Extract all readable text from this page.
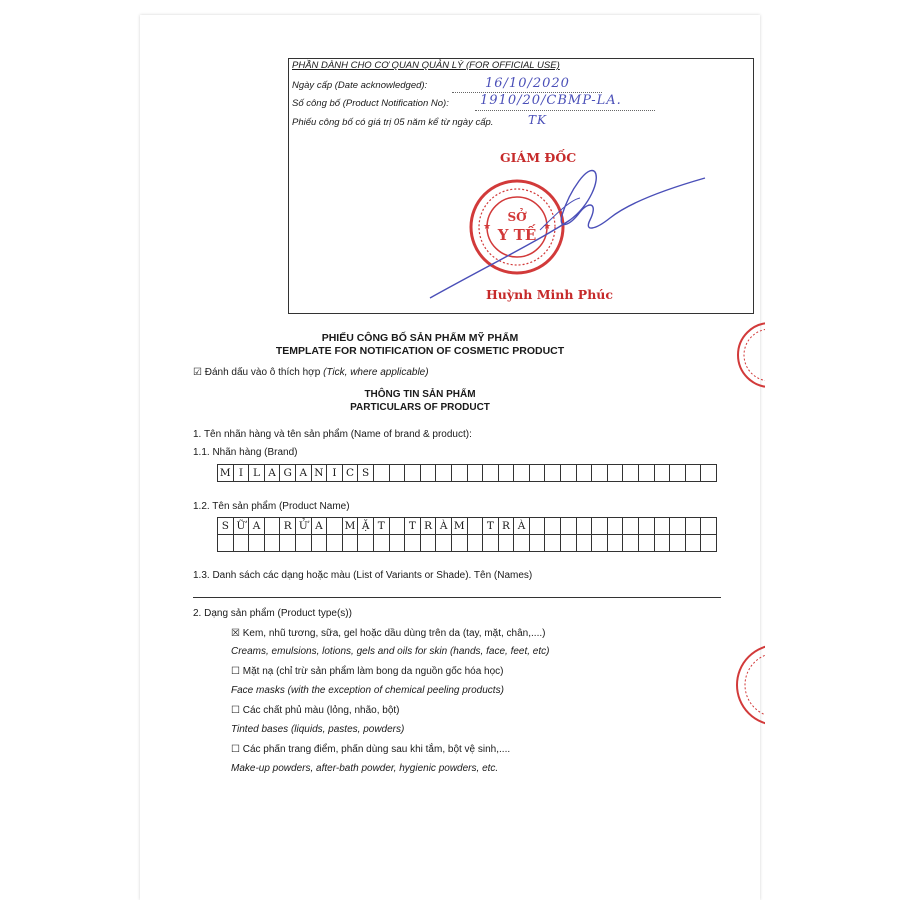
PHẦN DÀNH CHO CƠ QUAN QUẢN LÝ (FOR OFFICIAL USE)
Ngày cấp (Date acknowledged):	16/10/2020
Số công bố (Product Notification No): 1910/20/CBMP-LA.
Phiếu công bố có giá trị 05 năm kể từ ngày cấp.	TK
GIÁM ĐỐC
SỞ
Y TẾ
★	★
Huỳnh Minh Phúc
PHIẾU CÔNG BỐ SẢN PHẨM MỸ PHẨM
TEMPLATE FOR NOTIFICATION OF COSMETIC PRODUCT
☑ Đánh dấu vào ô thích hợp (Tick, where applicable)
THÔNG TIN SẢN PHẨM
PARTICULARS OF PRODUCT
1. Tên nhãn hàng và tên sản phẩm (Name of brand & product):
1.1. Nhãn hàng (Brand)
M I L A G A N I C S
1.2. Tên sản phẩm (Product Name)
S Ữ A	R Ử A	M Ặ T	T R À M	T R À
1.3. Danh sách các dạng hoặc màu (List of Variants or Shade). Tên (Names)
2. Dạng sản phẩm (Product type(s))
☒ Kem, nhũ tương, sữa, gel hoặc dầu dùng trên da (tay, mặt, chân,....)
Creams, emulsions, lotions, gels and oils for skin (hands, face, feet, etc)
☐ Mặt nạ (chỉ trừ sản phẩm làm bong da nguồn gốc hóa học)
Face masks (with the exception of chemical peeling products)
☐ Các chất phủ màu (lỏng, nhão, bột)
Tinted bases (liquids, pastes, powders)
☐ Các phấn trang điểm, phấn dùng sau khi tắm, bột vệ sinh,....
Make-up powders, after-bath powder, hygienic powders, etc.
